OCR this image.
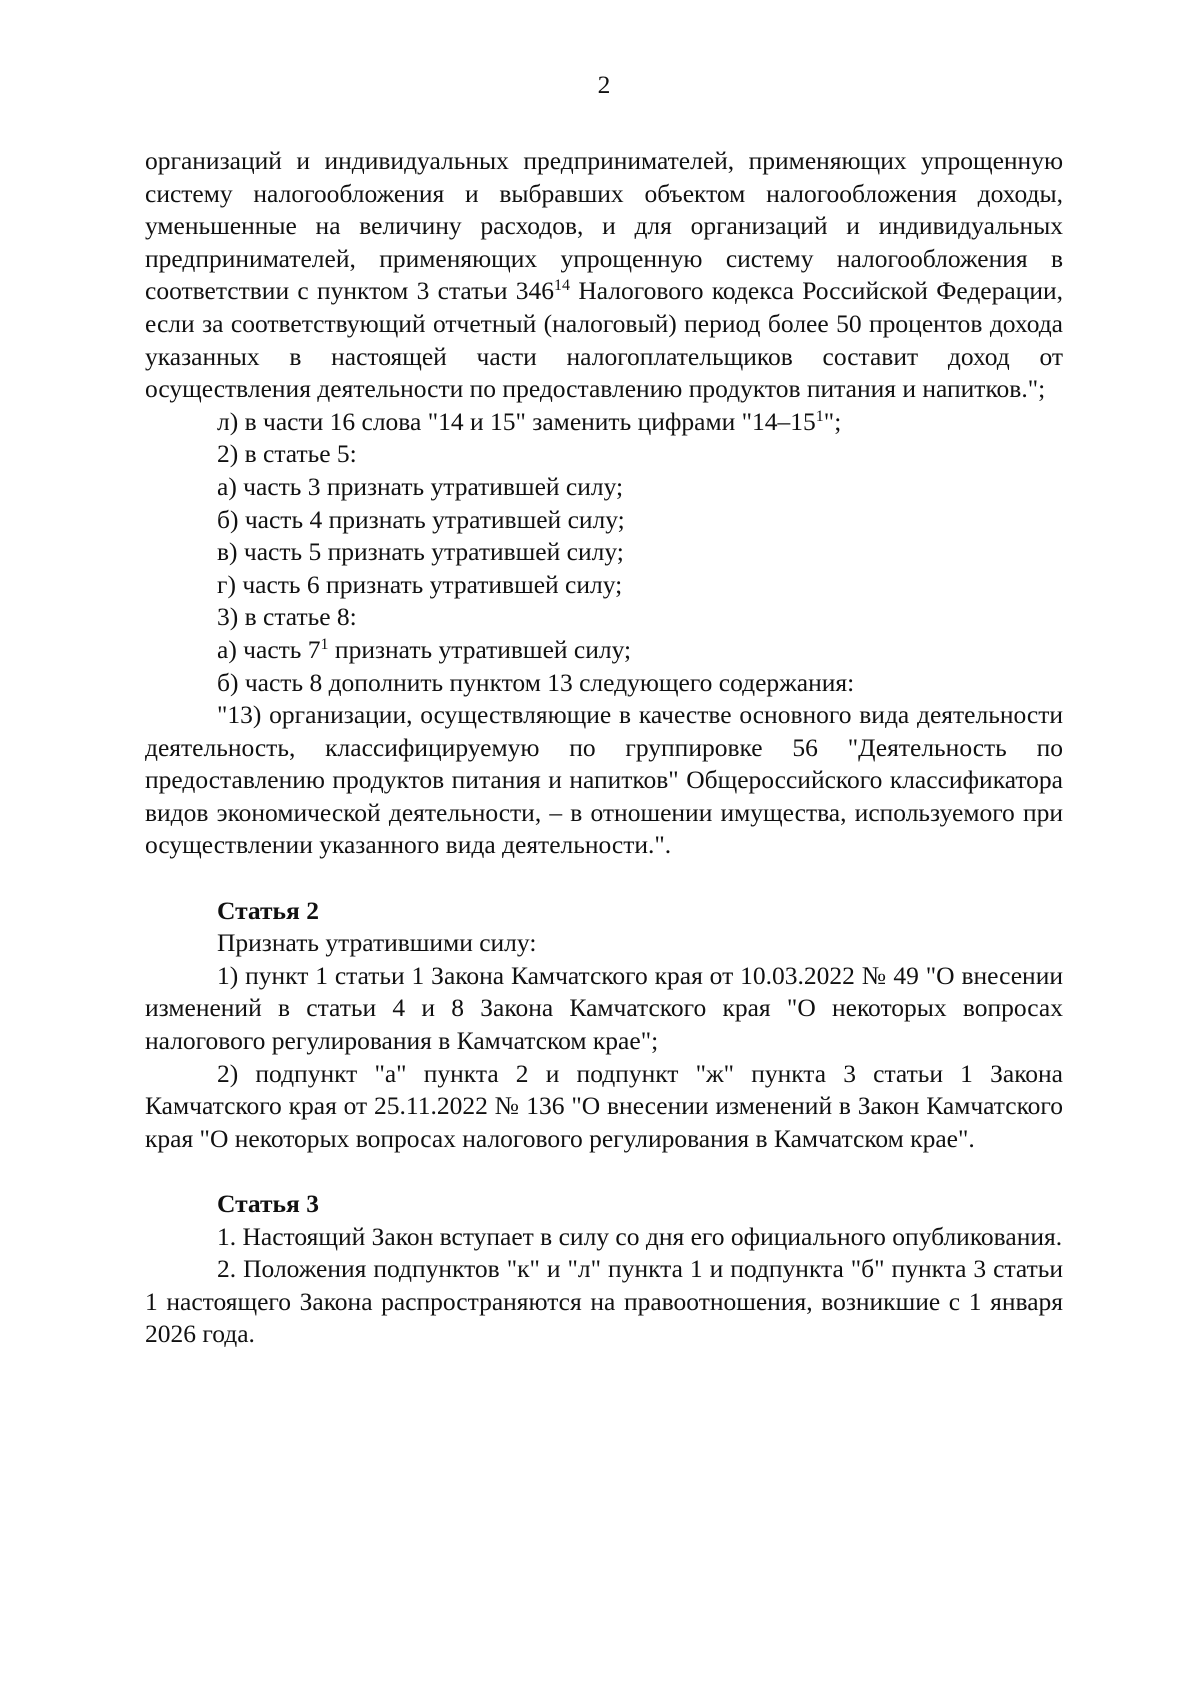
2

организаций и индивидуальных предпринимателей, применяющих упрощенную систему налогообложения и выбравших объектом налогообложения доходы, уменьшенные на величину расходов, и для организаций и индивидуальных предпринимателей, применяющих упрощенную систему налогообложения в соответствии с пунктом 3 статьи $346^{14}$ Налогового кодекса Российской Федерации, если за соответствующий отчетный (налоговый) период более 50 процентов дохода указанных в настоящей части налогоплательщиков составит доход от осуществления деятельности по предоставлению продуктов питания и напитков.";

л) в части 16 слова "14 и 15" заменить цифрами "$14-15^1$";

2) в статье 5:

а) часть 3 признать утратившей силу;

б) часть 4 признать утратившей силу;

в) часть 5 признать утратившей силу;

г) часть 6 признать утратившей силу;

3) в статье 8:

а) часть $7^1$ признать утратившей силу;

б) часть 8 дополнить пунктом 13 следующего содержания:

"13) организации, осуществляющие в качестве основного вида деятельности деятельность, классифицируемую по группировке 56 "Деятельность по предоставлению продуктов питания и напитков" Общероссийского классификатора видов экономической деятельности, – в отношении имущества, используемого при осуществлении указанного вида деятельности.".

Статья 2

Признать утратившими силу:

1) пункт 1 статьи 1 Закона Камчатского края от 10.03.2022 № 49 "О внесении изменений в статьи 4 и 8 Закона Камчатского края "О некоторых вопросах налогового регулирования в Камчатском крае";

2) подпункт "а" пункта 2 и подпункт "ж" пункта 3 статьи 1 Закона Камчатского края от 25.11.2022 № 136 "О внесении изменений в Закон Камчатского края "О некоторых вопросах налогового регулирования в Камчатском крае".

Статья 3

1. Настоящий Закон вступает в силу со дня его официального опубликования.

2. Положения подпунктов "к" и "л" пункта 1 и подпункта "б" пункта 3 статьи 1 настоящего Закона распространяются на правоотношения, возникшие с 1 января 2026 года.
